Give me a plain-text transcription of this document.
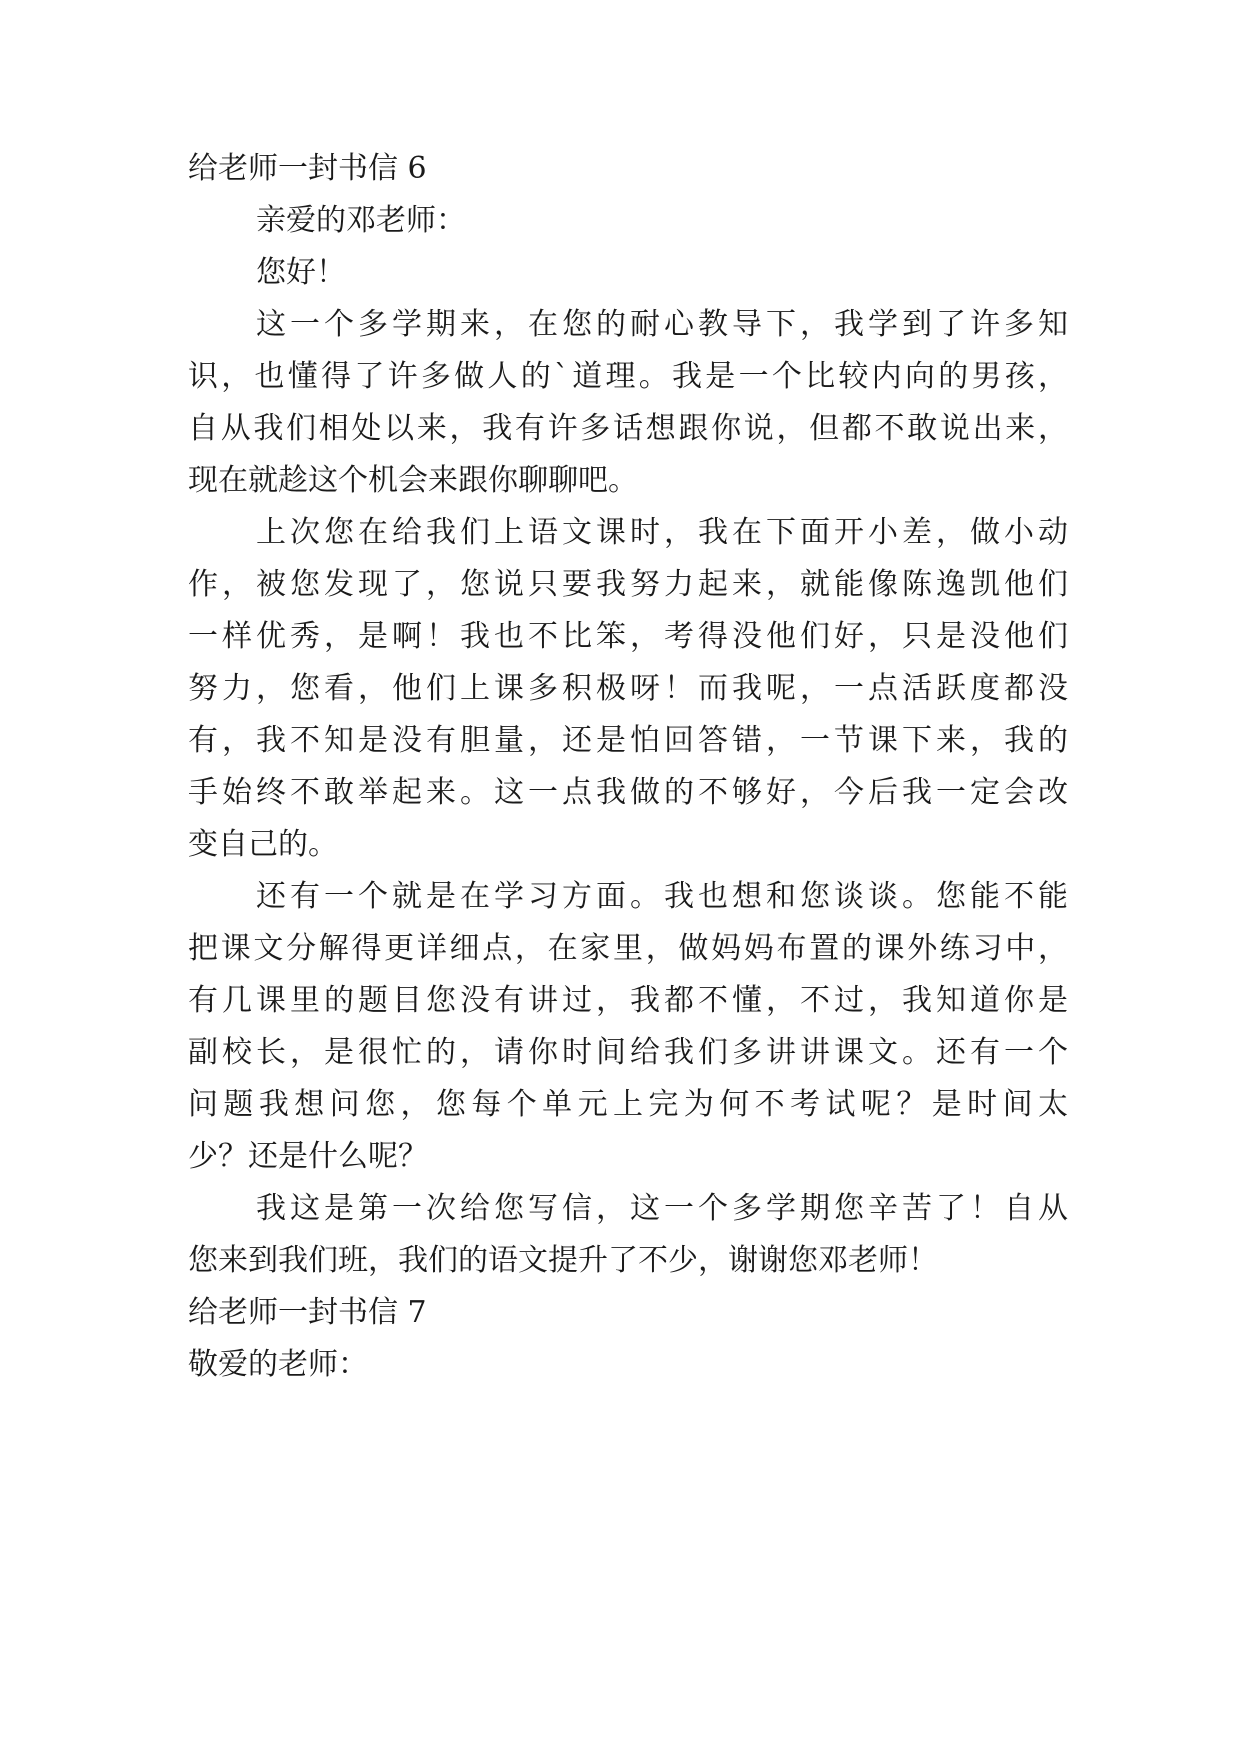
给老师一封书信 6
亲爱的邓老师：
您好！
这一个多学期来，在您的耐心教导下，我学到了许多知
识，也懂得了许多做人的`道理。我是一个比较内向的男孩，
自从我们相处以来，我有许多话想跟你说，但都不敢说出来，
现在就趁这个机会来跟你聊聊吧。
上次您在给我们上语文课时，我在下面开小差，做小动
作，被您发现了，您说只要我努力起来，就能像陈逸凯他们
一样优秀，是啊！我也不比笨，考得没他们好，只是没他们
努力，您看，他们上课多积极呀！而我呢，一点活跃度都没
有，我不知是没有胆量，还是怕回答错，一节课下来，我的
手始终不敢举起来。这一点我做的不够好，今后我一定会改
变自己的。
还有一个就是在学习方面。我也想和您谈谈。您能不能
把课文分解得更详细点，在家里，做妈妈布置的课外练习中，
有几课里的题目您没有讲过，我都不懂，不过，我知道你是
副校长，是很忙的，请你时间给我们多讲讲课文。还有一个
问题我想问您，您每个单元上完为何不考试呢？是时间太
少？还是什么呢？
我这是第一次给您写信，这一个多学期您辛苦了！自从
您来到我们班，我们的语文提升了不少，谢谢您邓老师！
给老师一封书信 7
敬爱的老师：
